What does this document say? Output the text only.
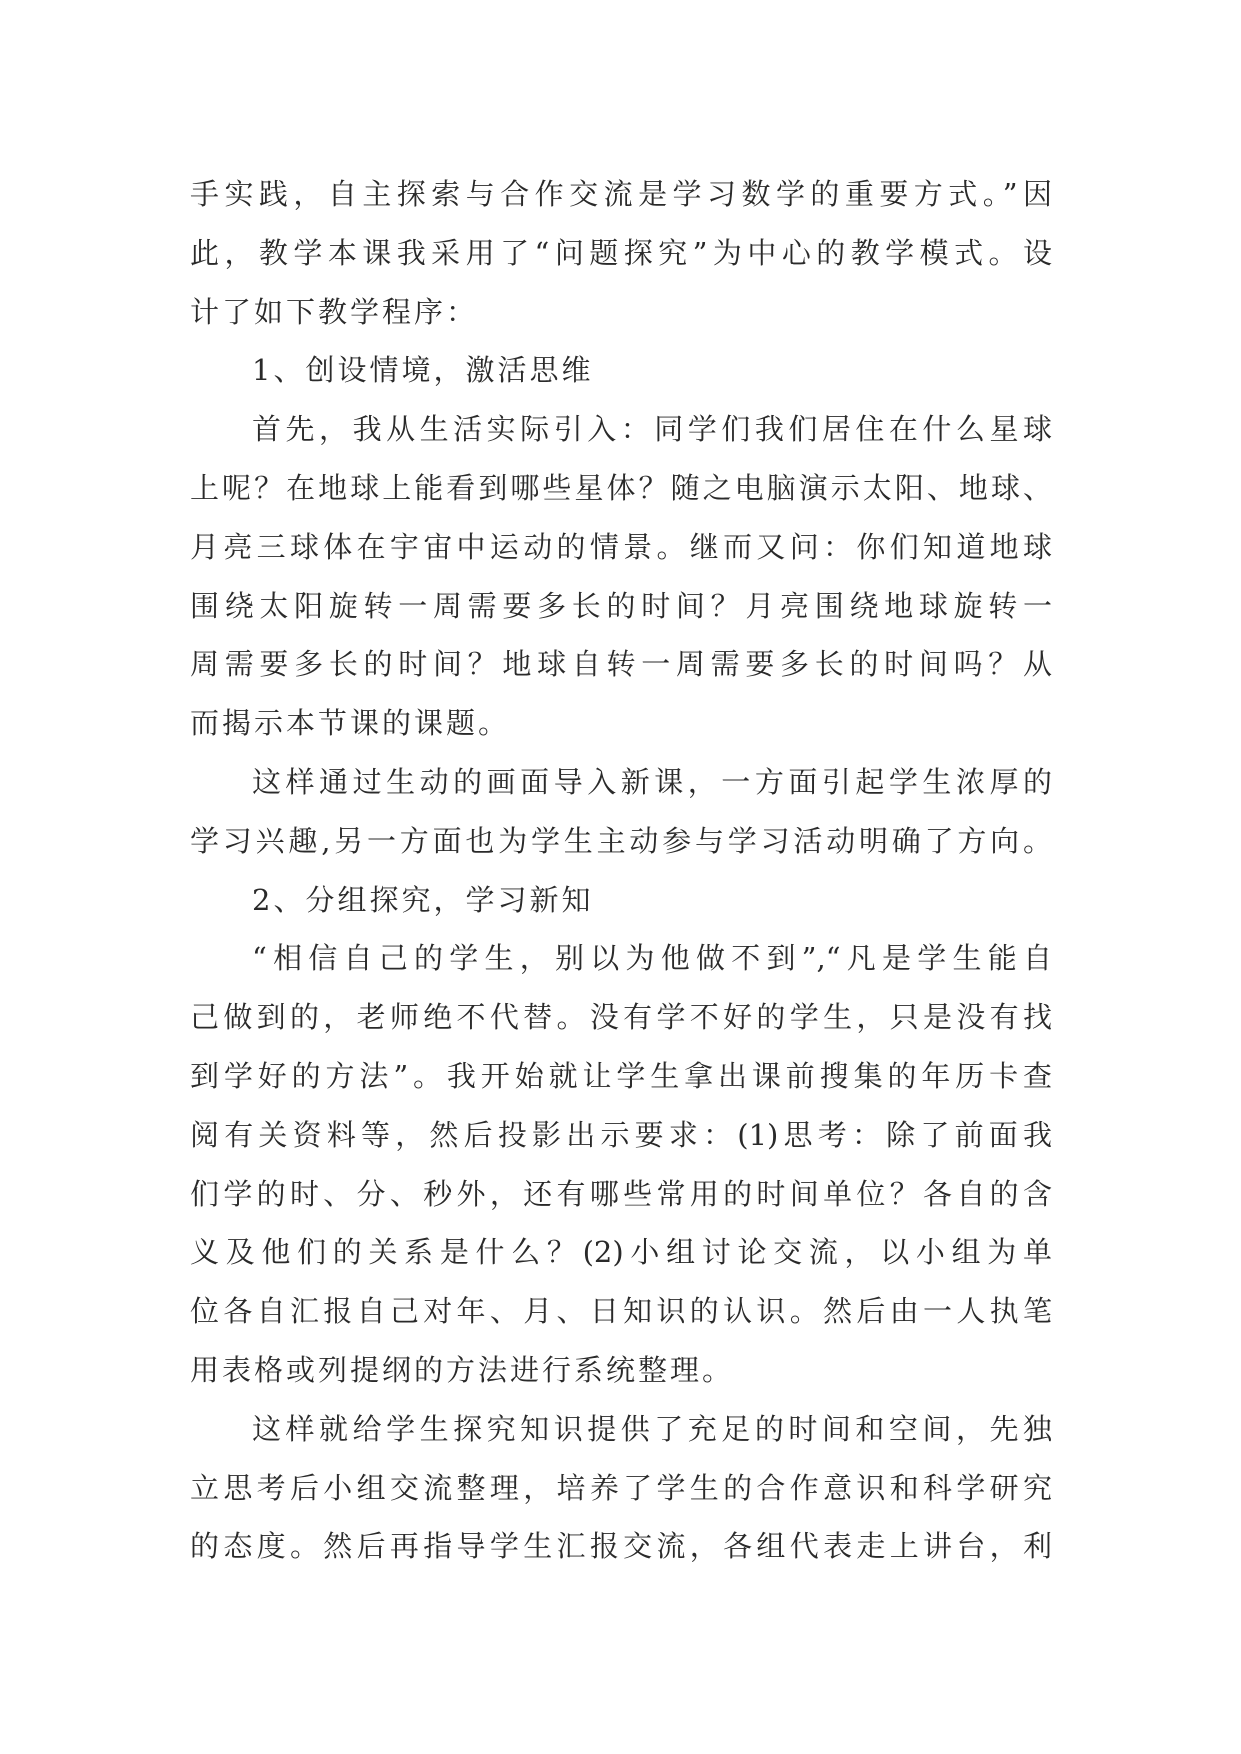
手实践，自主探索与合作交流是学习数学的重要方式。”因
此，教学本课我采用了“问题探究”为中心的教学模式。设
计了如下教学程序：
1、创设情境，激活思维
首先，我从生活实际引入：同学们我们居住在什么星球
上呢？在地球上能看到哪些星体？随之电脑演示太阳、地球、
月亮三球体在宇宙中运动的情景。继而又问：你们知道地球
围绕太阳旋转一周需要多长的时间？月亮围绕地球旋转一
周需要多长的时间？地球自转一周需要多长的时间吗？从
而揭示本节课的课题。
这样通过生动的画面导入新课，一方面引起学生浓厚的
学习兴趣,另一方面也为学生主动参与学习活动明确了方向。
2、分组探究，学习新知
“相信自己的学生，别以为他做不到”,“凡是学生能自
己做到的，老师绝不代替。没有学不好的学生，只是没有找
到学好的方法”。我开始就让学生拿出课前搜集的年历卡查
阅有关资料等，然后投影出示要求：(1)思考：除了前面我
们学的时、分、秒外，还有哪些常用的时间单位？各自的含
义及他们的关系是什么？(2)小组讨论交流，以小组为单
位各自汇报自己对年、月、日知识的认识。然后由一人执笔
用表格或列提纲的方法进行系统整理。
这样就给学生探究知识提供了充足的时间和空间，先独
立思考后小组交流整理，培养了学生的合作意识和科学研究
的态度。然后再指导学生汇报交流，各组代表走上讲台，利
